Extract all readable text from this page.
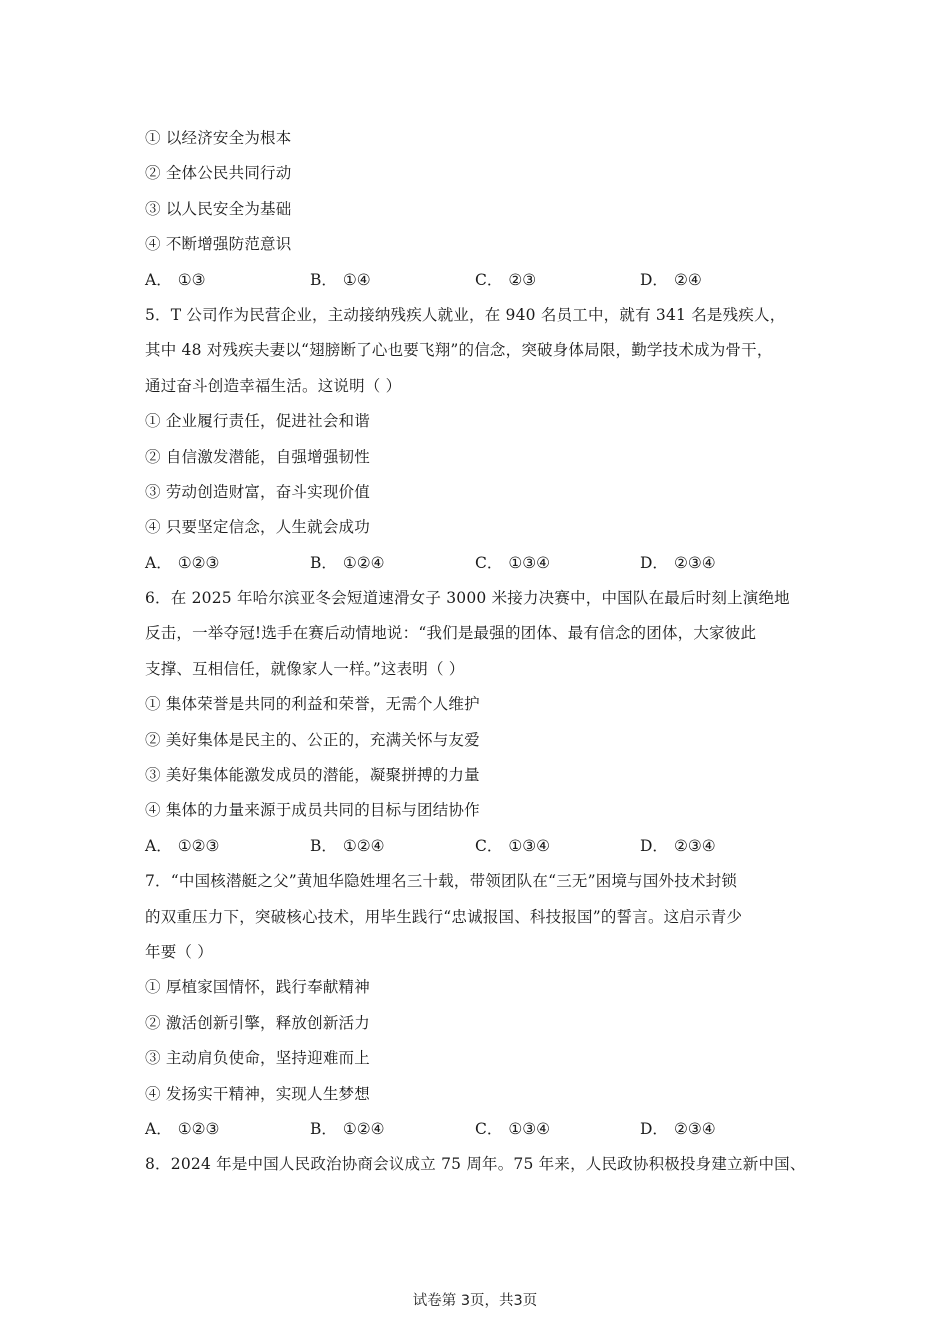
① 以经济安全为根本
② 全体公民共同行动
③ 以人民安全为基础
④ 不断增强防范意识
A． ①③	B． ①④	C． ②③	D． ②④
5．T 公司作为民营企业，主动接纳残疾人就业，在 940 名员工中，就有 341 名是残疾人，
其中 48 对残疾夫妻以“翅膀断了心也要飞翔”的信念，突破身体局限，勤学技术成为骨干，
通过奋斗创造幸福生活。这说明（ ）
① 企业履行责任，促进社会和谐
② 自信激发潜能，自强增强韧性
③ 劳动创造财富，奋斗实现价值
④ 只要坚定信念，人生就会成功
A． ①②③	B． ①②④	C． ①③④	D． ②③④
6．在 2025 年哈尔滨亚冬会短道速滑女子 3000 米接力决赛中，中国队在最后时刻上演绝地
反击，一举夺冠!选手在赛后动情地说：“我们是最强的团体、最有信念的团体，大家彼此
支撑、互相信任，就像家人一样。”这表明（ ）
① 集体荣誉是共同的利益和荣誉，无需个人维护
② 美好集体是民主的、公正的，充满关怀与友爱
③ 美好集体能激发成员的潜能，凝聚拼搏的力量
④ 集体的力量来源于成员共同的目标与团结协作
A． ①②③	B． ①②④	C． ①③④	D． ②③④
7．“中国核潜艇之父”黄旭华隐姓埋名三十载，带领团队在“三无”困境与国外技术封锁
的双重压力下，突破核心技术，用毕生践行“忠诚报国、科技报国”的誓言。这启示青少
年要（ ）
① 厚植家国情怀，践行奉献精神
② 激活创新引擎，释放创新活力
③ 主动肩负使命，坚持迎难而上
④ 发扬实干精神，实现人生梦想
A． ①②③	B． ①②④	C． ①③④	D． ②③④
8．2024 年是中国人民政治协商会议成立 75 周年。75 年来，人民政协积极投身建立新中国、
试卷第 3页，共3页
